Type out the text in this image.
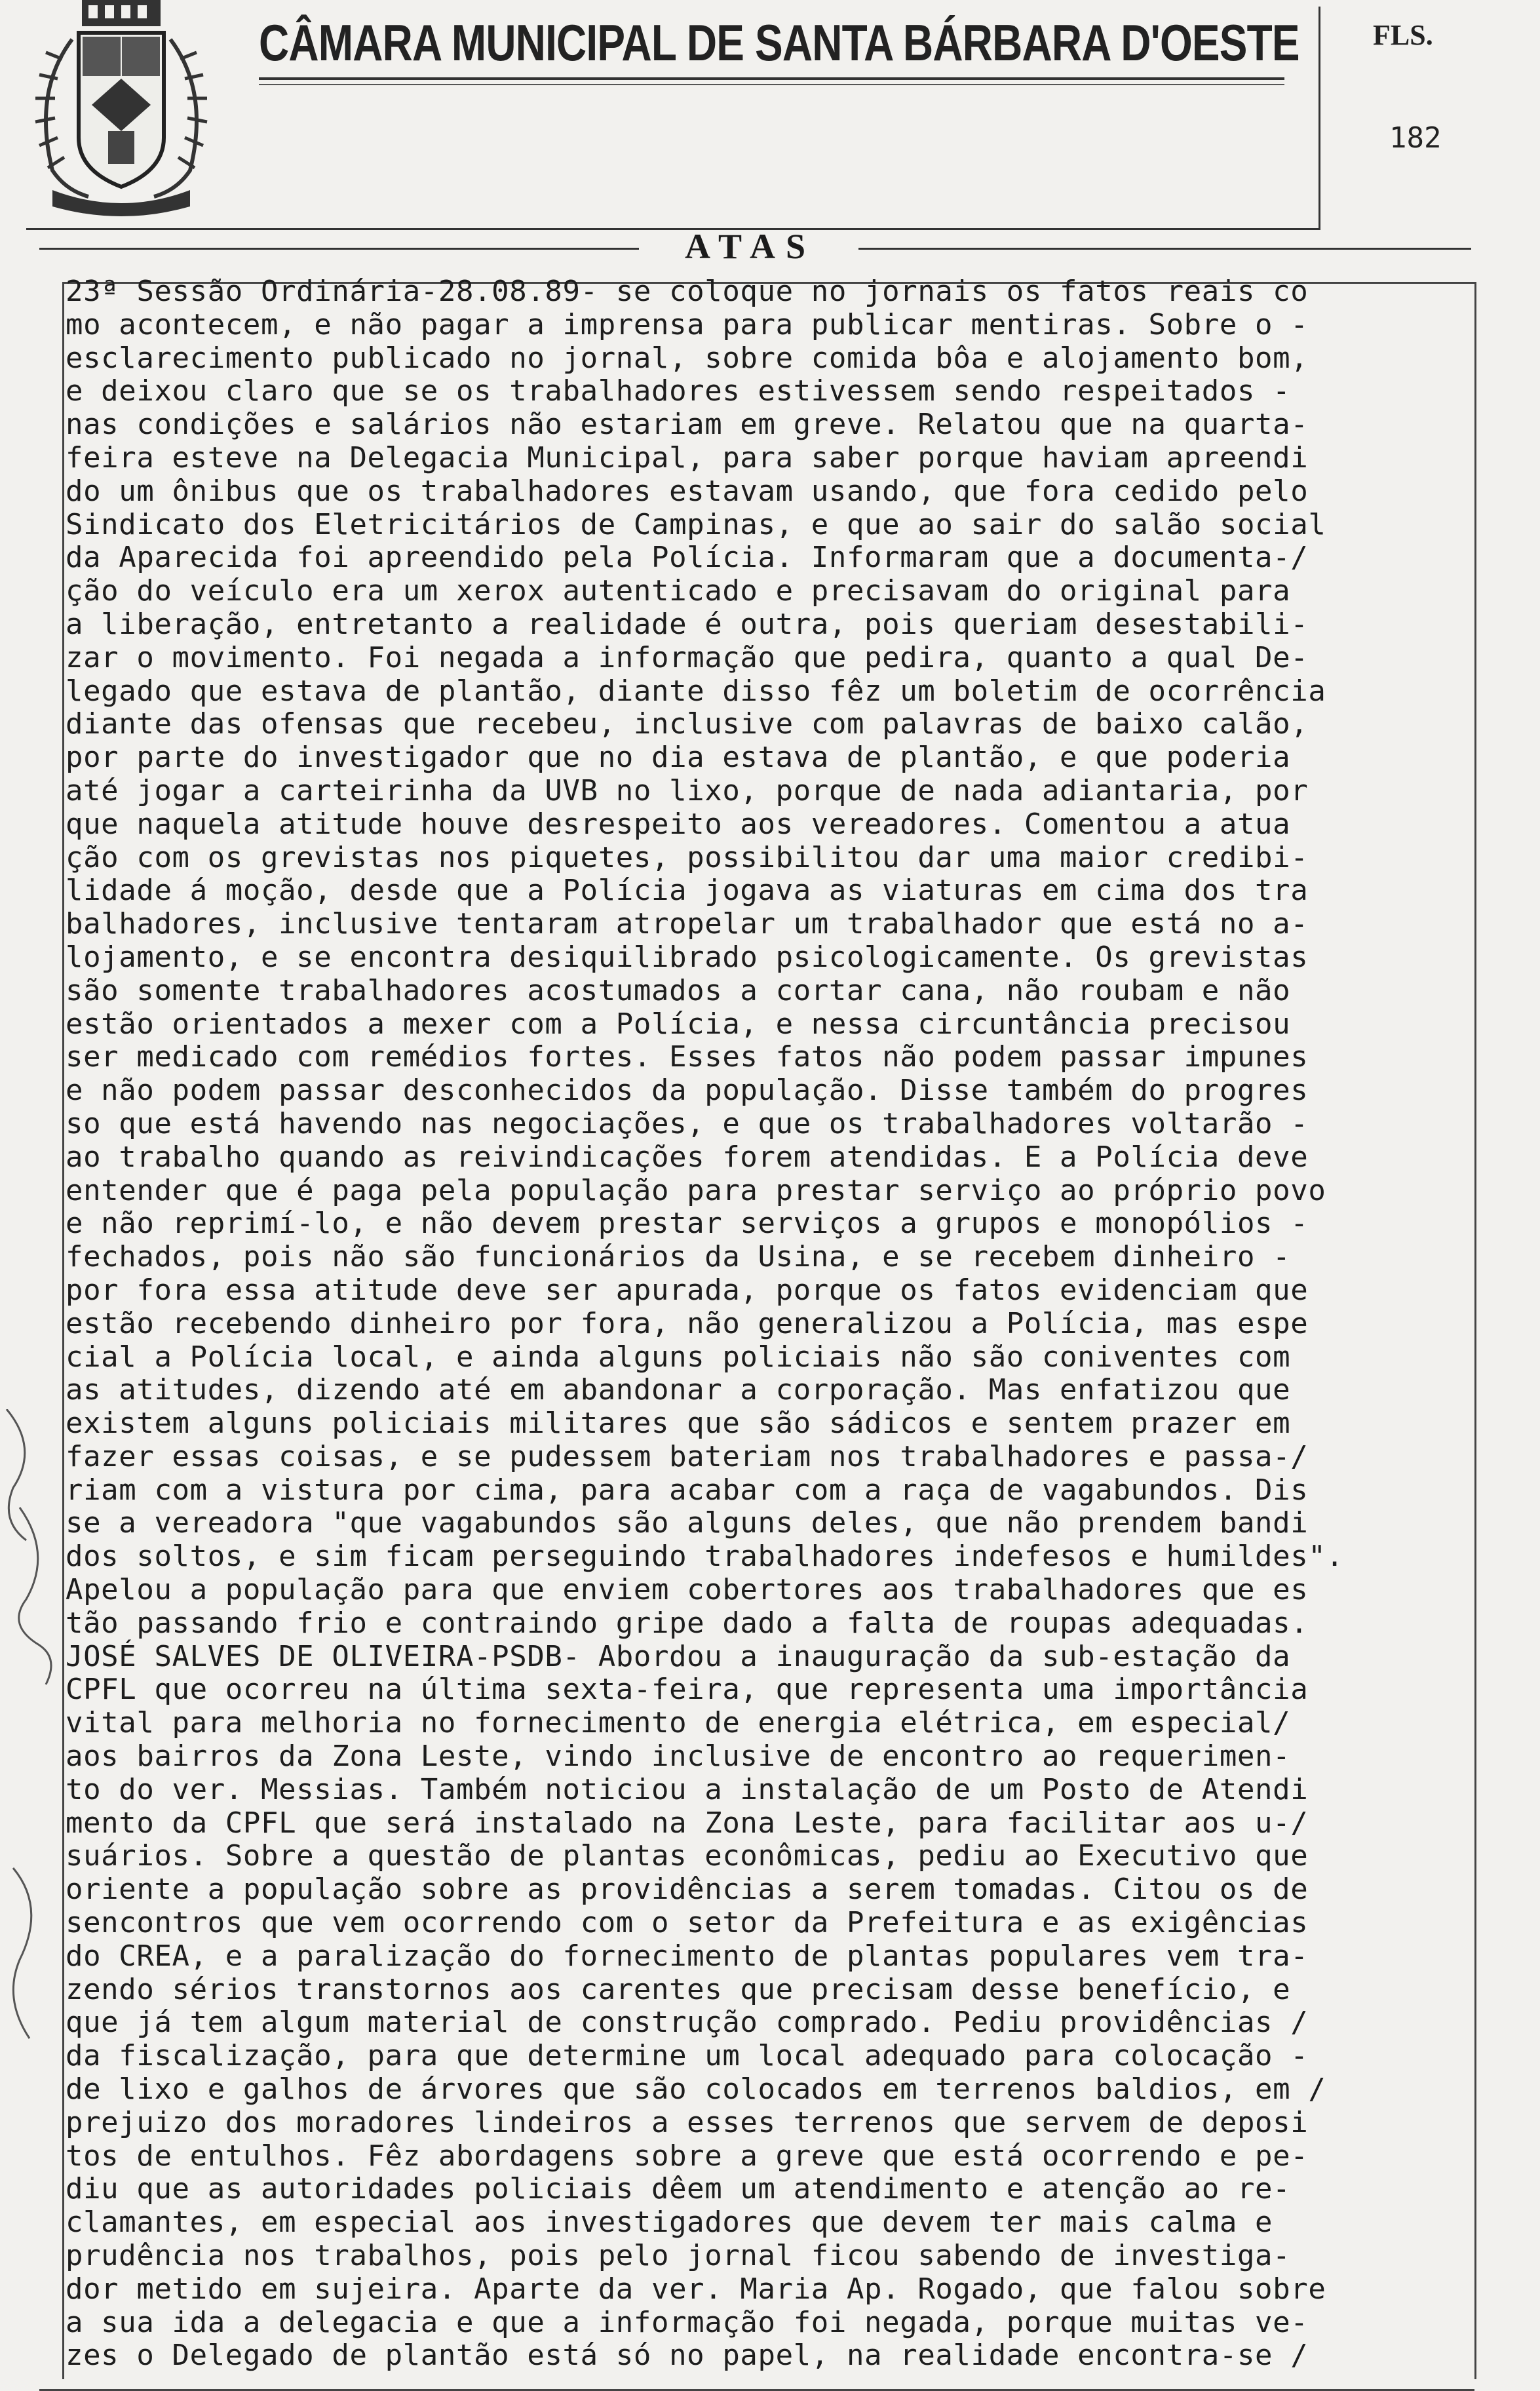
CÂMARA MUNICIPAL DE SANTA BÁRBARA D'OESTE	FLS.
182
ATAS
23ª Sessão Ordinária-28.08.89- se coloque no jornais os fatos reais co
mo acontecem, e não pagar a imprensa para publicar mentiras. Sobre o -
esclarecimento publicado no jornal, sobre comida bôa e alojamento bom,
e deixou claro que se os trabalhadores estivessem sendo respeitados -
nas condições e salários não estariam em greve. Relatou que na quarta-
feira esteve na Delegacia Municipal, para saber porque haviam apreendi
do um ônibus que os trabalhadores estavam usando, que fora cedido pelo
Sindicato dos Eletricitários de Campinas, e que ao sair do salão social
da Aparecida foi apreendido pela Polícia. Informaram que a documenta-/
ção do veículo era um xerox autenticado e precisavam do original para
a liberação, entretanto a realidade é outra, pois queriam desestabili-
zar o movimento. Foi negada a informação que pedira, quanto a qual De-
legado que estava de plantão, diante disso fêz um boletim de ocorrência
diante das ofensas que recebeu, inclusive com palavras de baixo calão,
por parte do investigador que no dia estava de plantão, e que poderia
até jogar a carteirinha da UVB no lixo, porque de nada adiantaria, por
que naquela atitude houve desrespeito aos vereadores. Comentou a atua
ção com os grevistas nos piquetes, possibilitou dar uma maior credibi-
lidade á moção, desde que a Polícia jogava as viaturas em cima dos tra
balhadores, inclusive tentaram atropelar um trabalhador que está no a-
lojamento, e se encontra desiquilibrado psicologicamente. Os grevistas
são somente trabalhadores acostumados a cortar cana, não roubam e não
estão orientados a mexer com a Polícia, e nessa circuntância precisou
ser medicado com remédios fortes. Esses fatos não podem passar impunes
e não podem passar desconhecidos da população. Disse também do progres
so que está havendo nas negociações, e que os trabalhadores voltarão -
ao trabalho quando as reivindicações forem atendidas. E a Polícia deve
entender que é paga pela população para prestar serviço ao próprio povo
e não reprimí-lo, e não devem prestar serviços a grupos e monopólios -
fechados, pois não são funcionários da Usina, e se recebem dinheiro -
por fora essa atitude deve ser apurada, porque os fatos evidenciam que
estão recebendo dinheiro por fora, não generalizou a Polícia, mas espe
cial a Polícia local, e ainda alguns policiais não são coniventes com
as atitudes, dizendo até em abandonar a corporação. Mas enfatizou que
existem alguns policiais militares que são sádicos e sentem prazer em
fazer essas coisas, e se pudessem bateriam nos trabalhadores e passa-/
riam com a vistura por cima, para acabar com a raça de vagabundos. Dis
se a vereadora "que vagabundos são alguns deles, que não prendem bandi
dos soltos, e sim ficam perseguindo trabalhadores indefesos e humildes".
Apelou a população para que enviem cobertores aos trabalhadores que es
tão passando frio e contraindo gripe dado a falta de roupas adequadas.
JOSÉ SALVES DE OLIVEIRA-PSDB- Abordou a inauguração da sub-estação da
CPFL que ocorreu na última sexta-feira, que representa uma importância
vital para melhoria no fornecimento de energia elétrica, em especial/
aos bairros da Zona Leste, vindo inclusive de encontro ao requerimen-
to do ver. Messias. Também noticiou a instalação de um Posto de Atendi
mento da CPFL que será instalado na Zona Leste, para facilitar aos u-/
suários. Sobre a questão de plantas econômicas, pediu ao Executivo que
oriente a população sobre as providências a serem tomadas. Citou os de
sencontros que vem ocorrendo com o setor da Prefeitura e as exigências
do CREA, e a paralização do fornecimento de plantas populares vem tra-
zendo sérios transtornos aos carentes que precisam desse benefício, e
que já tem algum material de construção comprado. Pediu providências /
da fiscalização, para que determine um local adequado para colocação -
de lixo e galhos de árvores que são colocados em terrenos baldios, em /
prejuizo dos moradores lindeiros a esses terrenos que servem de deposi
tos de entulhos. Fêz abordagens sobre a greve que está ocorrendo e pe-
diu que as autoridades policiais dêem um atendimento e atenção ao re-
clamantes, em especial aos investigadores que devem ter mais calma e
prudência nos trabalhos, pois pelo jornal ficou sabendo de investiga-
dor metido em sujeira. Aparte da ver. Maria Ap. Rogado, que falou sobre
a sua ida a delegacia e que a informação foi negada, porque muitas ve-
zes o Delegado de plantão está só no papel, na realidade encontra-se /
